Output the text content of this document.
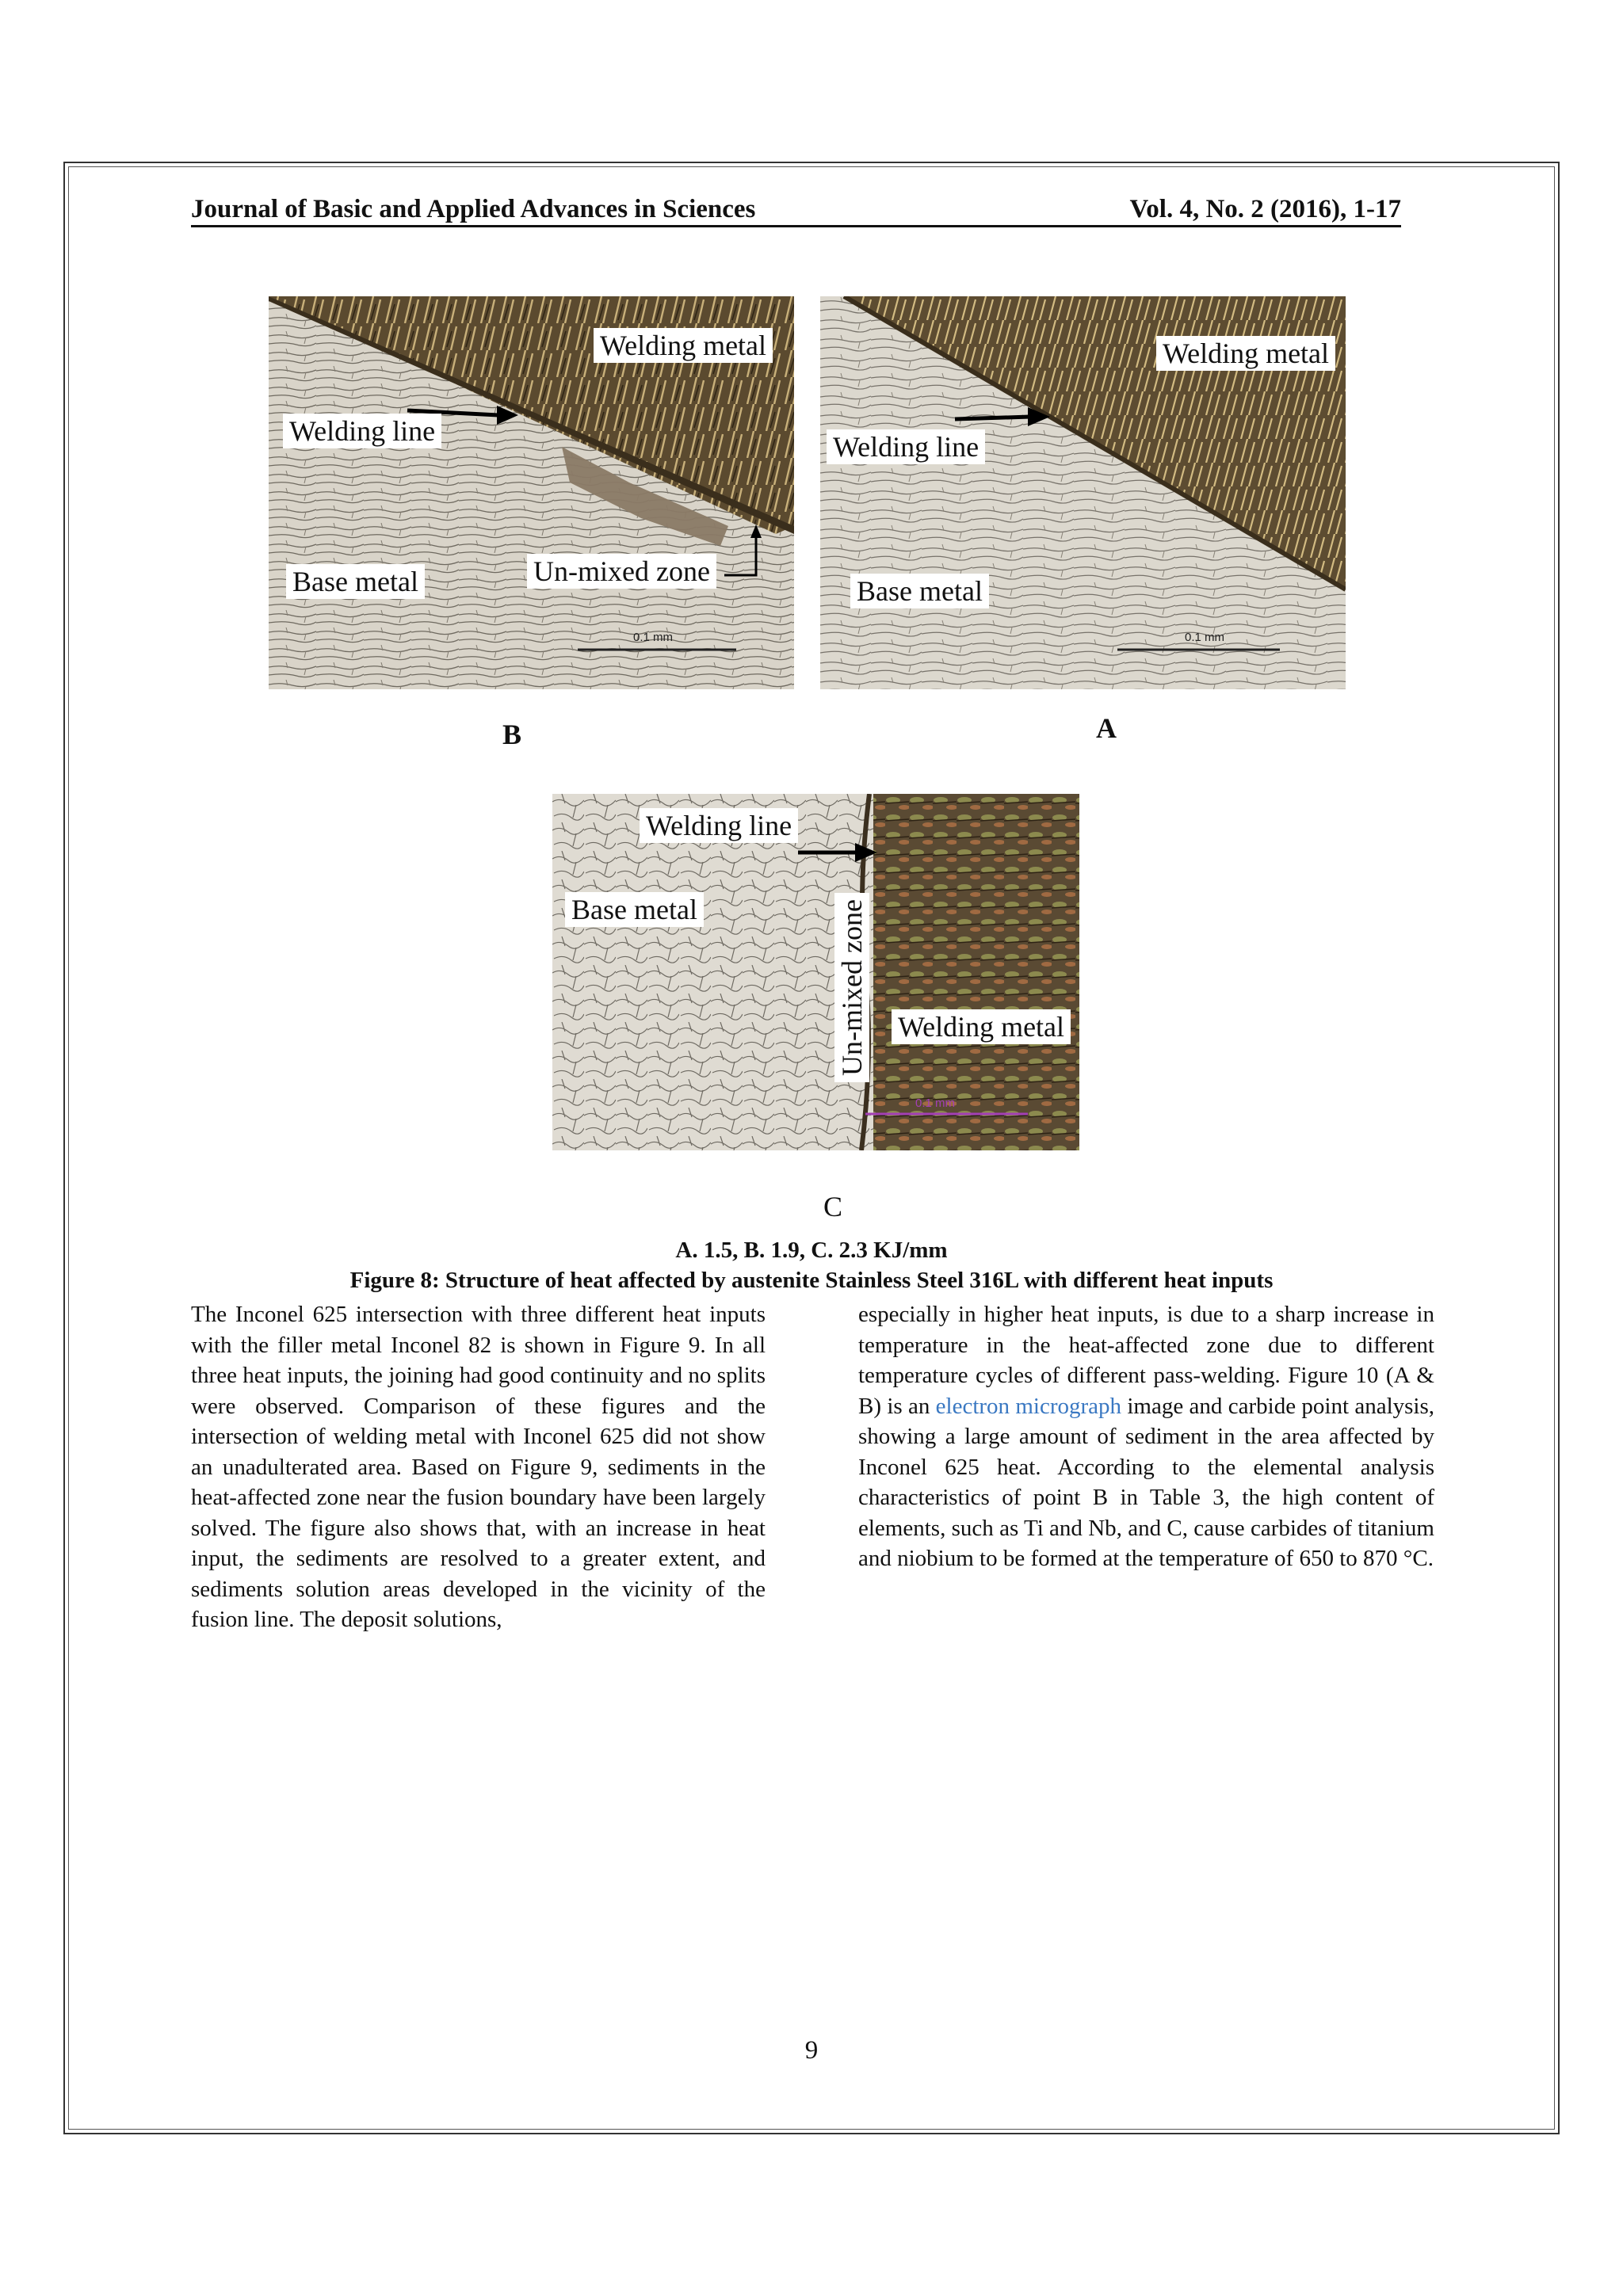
Journal of Basic and Applied Advances in Sciences	Vol. 4, No. 2 (2016), 1-17
Welding metal
Welding line
Base metal	Un-mixed zone
0.1 mm
Welding metal
Welding line
Base metal
0.1 mm
B	A
Welding line
Base metal	Un-mixed zone Welding metal
0.1 mm
C
A. 1.5, B. 1.9, C. 2.3 KJ/mm
Figure 8: Structure of heat affected by austenite Stainless Steel 316L with different heat inputs

The Inconel 625 intersection with three different heat inputs with the filler metal Inconel 82 is shown in Figure 9. In all three heat inputs, the joining had good continuity and no splits were observed. Comparison of these figures and the intersection of welding metal with Inconel 625 did not show an unadulterated area. Based on Figure 9, sediments in the heat-affected zone near the fusion boundary have been largely solved. The figure also shows that, with an increase in heat input, the sediments are resolved to a greater extent, and sediments solution areas developed in the vicinity of the fusion line. The deposit solutions,

especially in higher heat inputs, is due to a sharp increase in temperature in the heat-affected zone due to different temperature cycles of different pass-welding. Figure 10 (A & B) is an electron micrograph image and carbide point analysis, showing a large amount of sediment in the area affected by Inconel 625 heat. According to the elemental analysis characteristics of point B in Table 3, the high content of elements, such as Ti and Nb, and C, cause carbides of titanium and niobium to be formed at the temperature of 650 to 870 °C.

9
